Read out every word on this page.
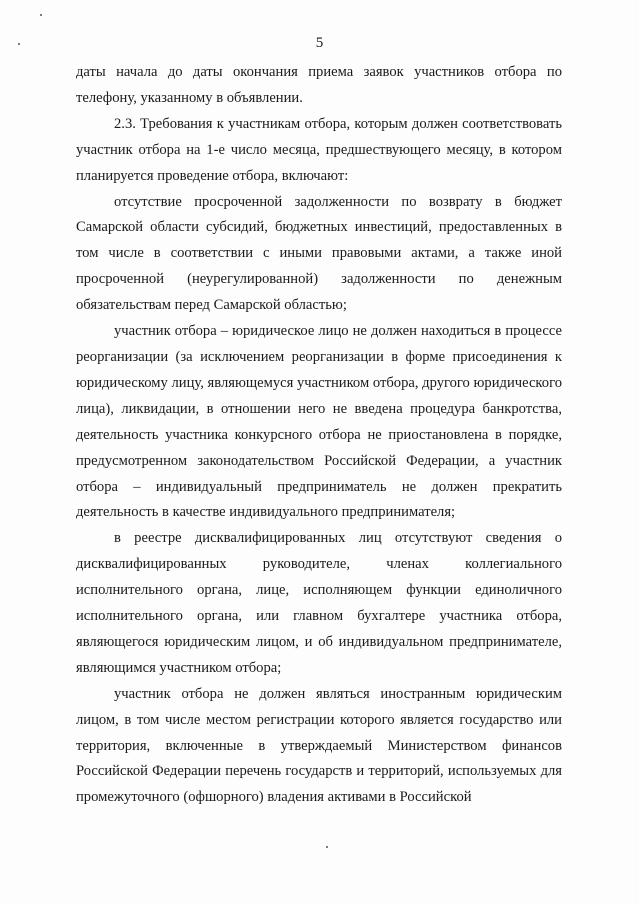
5

даты начала до даты окончания приема заявок участников отбора по телефону, указанному в объявлении.

2.3. Требования к участникам отбора, которым должен соответствовать участник отбора на 1-е число месяца, предшествующего месяцу, в котором планируется проведение отбора, включают:

отсутствие просроченной задолженности по возврату в бюджет Самарской области субсидий, бюджетных инвестиций, предоставленных в том числе в соответствии с иными правовыми актами, а также иной просроченной (неурегулированной) задолженности по денежным обязательствам перед Самарской областью;

участник отбора – юридическое лицо не должен находиться в процессе реорганизации (за исключением реорганизации в форме присоединения к юридическому лицу, являющемуся участником отбора, другого юридического лица), ликвидации, в отношении него не введена процедура банкротства, деятельность участника конкурсного отбора не приостановлена в порядке, предусмотренном законодательством Российской Федерации, а участник отбора – индивидуальный предприниматель не должен прекратить деятельность в качестве индивидуального предпринимателя;

в реестре дисквалифицированных лиц отсутствуют сведения о дисквалифицированных руководителе, членах коллегиального исполнительного органа, лице, исполняющем функции единоличного исполнительного органа, или главном бухгалтере участника отбора, являющегося юридическим лицом, и об индивидуальном предпринимателе, являющимся участником отбора;

участник отбора не должен являться иностранным юридическим лицом, в том числе местом регистрации которого является государство или территория, включенные в утверждаемый Министерством финансов Российской Федерации перечень государств и территорий, используемых для промежуточного (офшорного) владения активами в Российской
